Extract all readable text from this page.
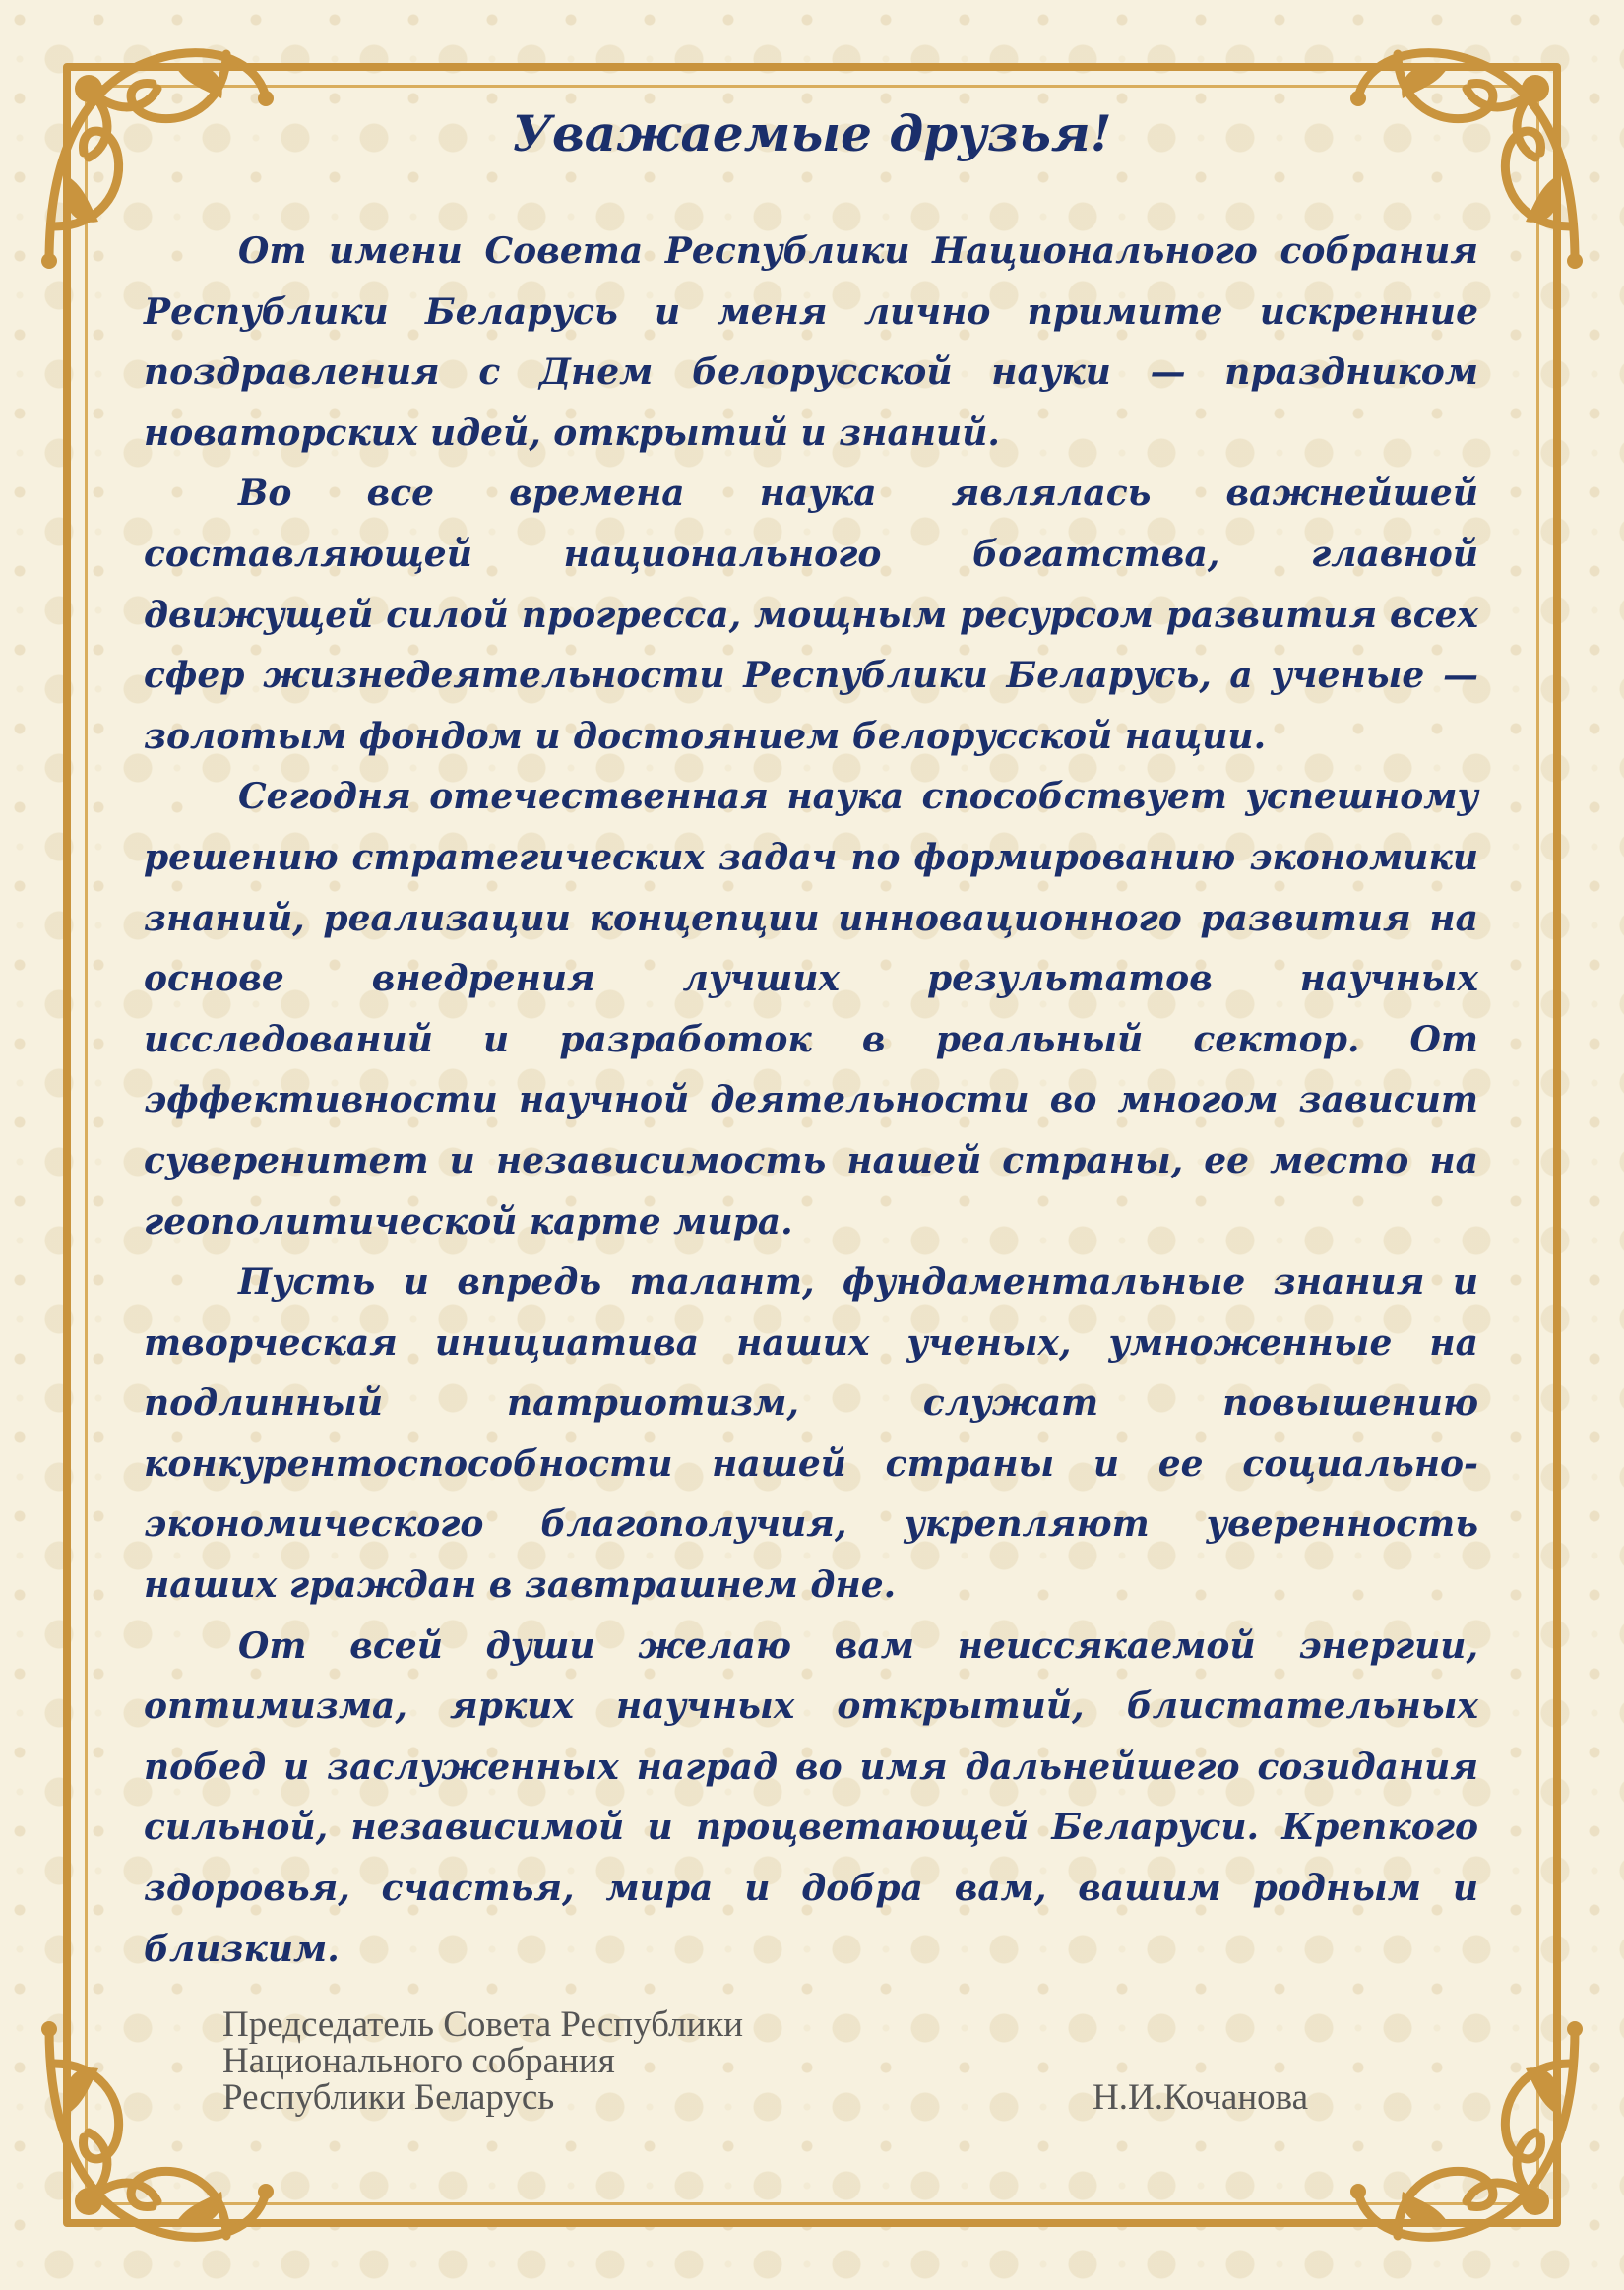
Уважаемые друзья!

От имени Совета Республики Национального собрания Республики Беларусь и меня лично примите искренние поздравления с Днем белорусской науки — праздником новаторских идей, открытий и знаний.

Во все времена наука являлась важнейшей составляющей национального богатства, главной движущей силой прогресса, мощным ресурсом развития всех сфер жизнедеятельности Республики Беларусь, а ученые — золотым фондом и достоянием белорусской нации.

Сегодня отечественная наука способствует успешному решению стратегических задач по формированию экономики знаний, реализации концепции инновационного развития на основе внедрения лучших результатов научных исследований и разработок в реальный сектор. От эффективности научной деятельности во многом зависит суверенитет и независимость нашей страны, ее место на геополитической карте мира.

Пусть и впредь талант, фундаментальные знания и творческая инициатива наших ученых, умноженные на подлинный патриотизм, служат повышению конкурентоспособности нашей страны и ее социально-экономического благополучия, укрепляют уверенность наших граждан в завтрашнем дне.

От всей души желаю вам неиссякаемой энергии, оптимизма, ярких научных открытий, блистательных побед и заслуженных наград во имя дальнейшего созидания сильной, независимой и процветающей Беларуси. Крепкого здоровья, счастья, мира и добра вам, вашим родным и близким.

Председатель Совета Республики
Национального собрания
Республики Беларусь	Н.И.Кочанова
